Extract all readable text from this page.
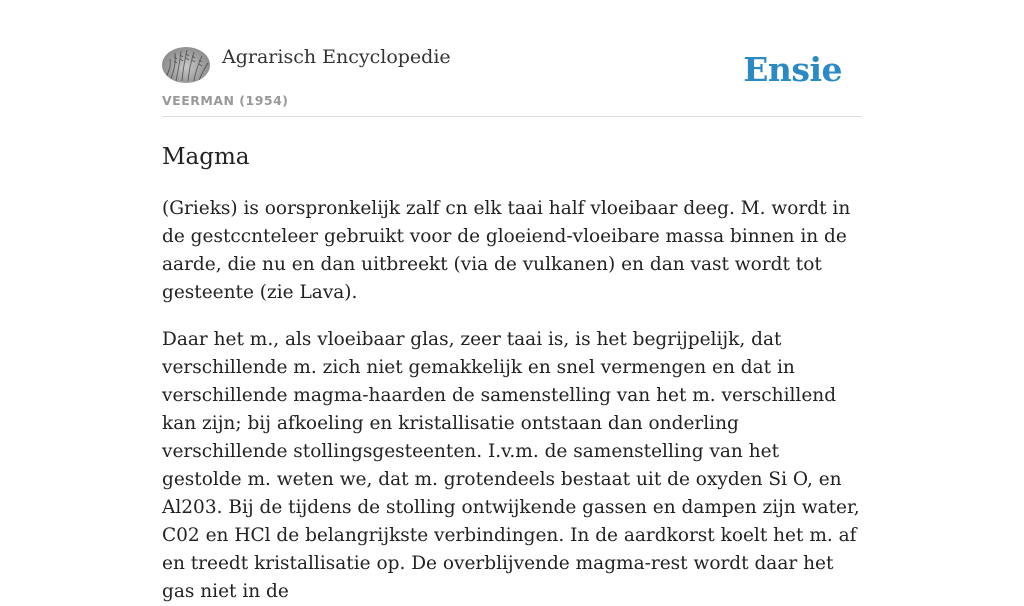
Agrarisch Encyclopedie
VEERMAN (1954)
Ensie
Magma

(Grieks) is oorspronkelijk zalf cn elk taai half vloeibaar deeg. M. wordt in de gestccnteleer gebruikt voor de gloeiend-vloeibare massa binnen in de aarde, die nu en dan uitbreekt (via de vulkanen) en dan vast wordt tot gesteente (zie Lava).

Daar het m., als vloeibaar glas, zeer taai is, is het begrijpelijk, dat verschillende m. zich niet gemakkelijk en snel vermengen en dat in verschillende magma-haarden de samenstelling van het m. verschillend kan zijn; bij afkoeling en kristallisatie ontstaan dan onderling verschillende stollingsgesteenten. I.v.m. de samenstelling van het gestolde m. weten we, dat m. grotendeels bestaat uit de oxyden Si O, en Al203. Bij de tijdens de stolling ontwijkende gassen en dampen zijn water, C02 en HCl de belangrijkste verbindingen. In de aardkorst koelt het m. af en treedt kristallisatie op. De overblijvende magma-rest wordt daar het gas niet in de
